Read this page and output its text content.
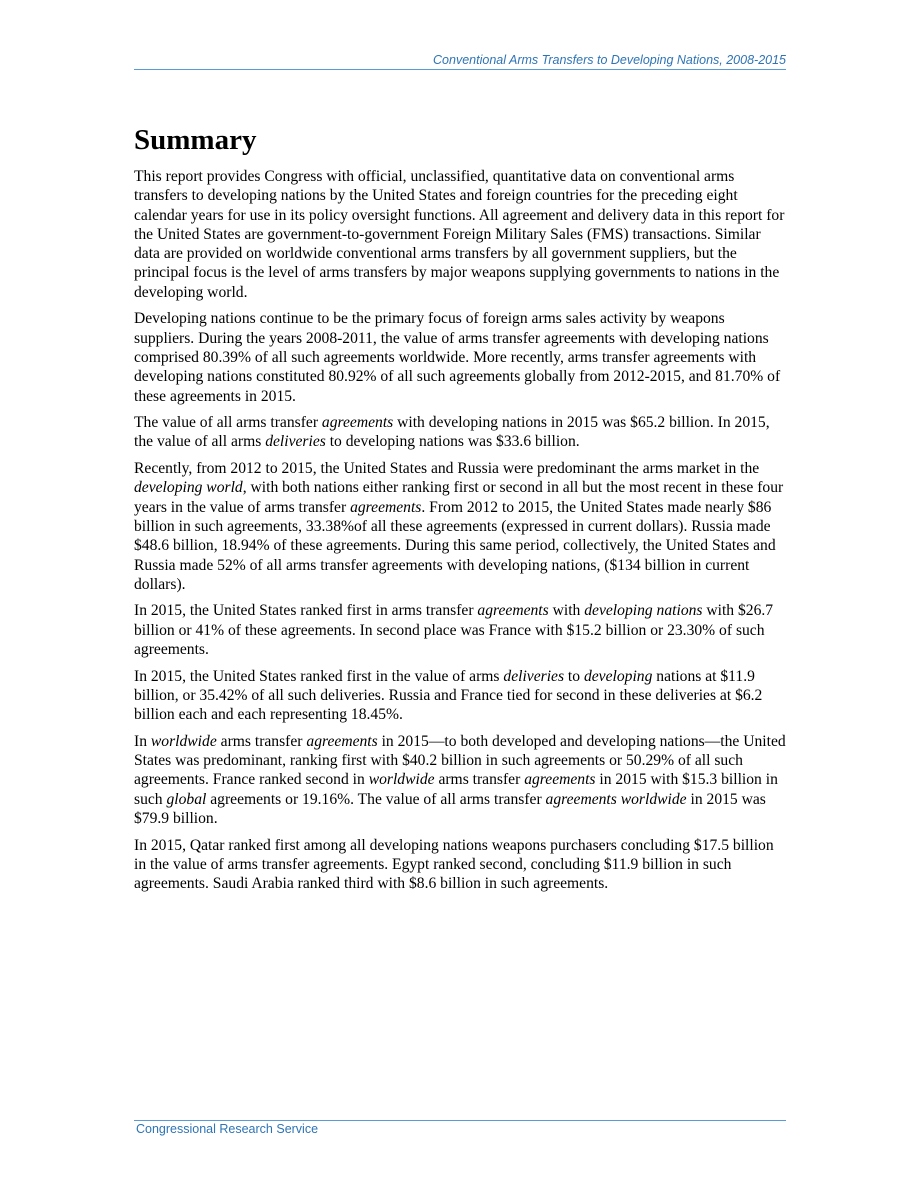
Conventional Arms Transfers to Developing Nations, 2008-2015
Summary

This report provides Congress with official, unclassified, quantitative data on conventional arms transfers to developing nations by the United States and foreign countries for the preceding eight calendar years for use in its policy oversight functions. All agreement and delivery data in this report for the United States are government-to-government Foreign Military Sales (FMS) transactions. Similar data are provided on worldwide conventional arms transfers by all government suppliers, but the principal focus is the level of arms transfers by major weapons supplying governments to nations in the developing world.

Developing nations continue to be the primary focus of foreign arms sales activity by weapons suppliers. During the years 2008-2011, the value of arms transfer agreements with developing nations comprised 80.39% of all such agreements worldwide. More recently, arms transfer agreements with developing nations constituted 80.92% of all such agreements globally from 2012-2015, and 81.70% of these agreements in 2015.

The value of all arms transfer agreements with developing nations in 2015 was $65.2 billion. In 2015, the value of all arms deliveries to developing nations was $33.6 billion.

Recently, from 2012 to 2015, the United States and Russia were predominant the arms market in the developing world, with both nations either ranking first or second in all but the most recent in these four years in the value of arms transfer agreements. From 2012 to 2015, the United States made nearly $86 billion in such agreements, 33.38%of all these agreements (expressed in current dollars). Russia made $48.6 billion, 18.94% of these agreements. During this same period, collectively, the United States and Russia made 52% of all arms transfer agreements with developing nations, ($134 billion in current dollars).

In 2015, the United States ranked first in arms transfer agreements with developing nations with $26.7 billion or 41% of these agreements. In second place was France with $15.2 billion or 23.30% of such agreements.

In 2015, the United States ranked first in the value of arms deliveries to developing nations at $11.9 billion, or 35.42% of all such deliveries. Russia and France tied for second in these deliveries at $6.2 billion each and each representing 18.45%.

In worldwide arms transfer agreements in 2015—to both developed and developing nations—the United States was predominant, ranking first with $40.2 billion in such agreements or 50.29% of all such agreements. France ranked second in worldwide arms transfer agreements in 2015 with $15.3 billion in such global agreements or 19.16%. The value of all arms transfer agreements worldwide in 2015 was $79.9 billion.

In 2015, Qatar ranked first among all developing nations weapons purchasers concluding $17.5 billion in the value of arms transfer agreements. Egypt ranked second, concluding $11.9 billion in such agreements. Saudi Arabia ranked third with $8.6 billion in such agreements.

Congressional Research Service
